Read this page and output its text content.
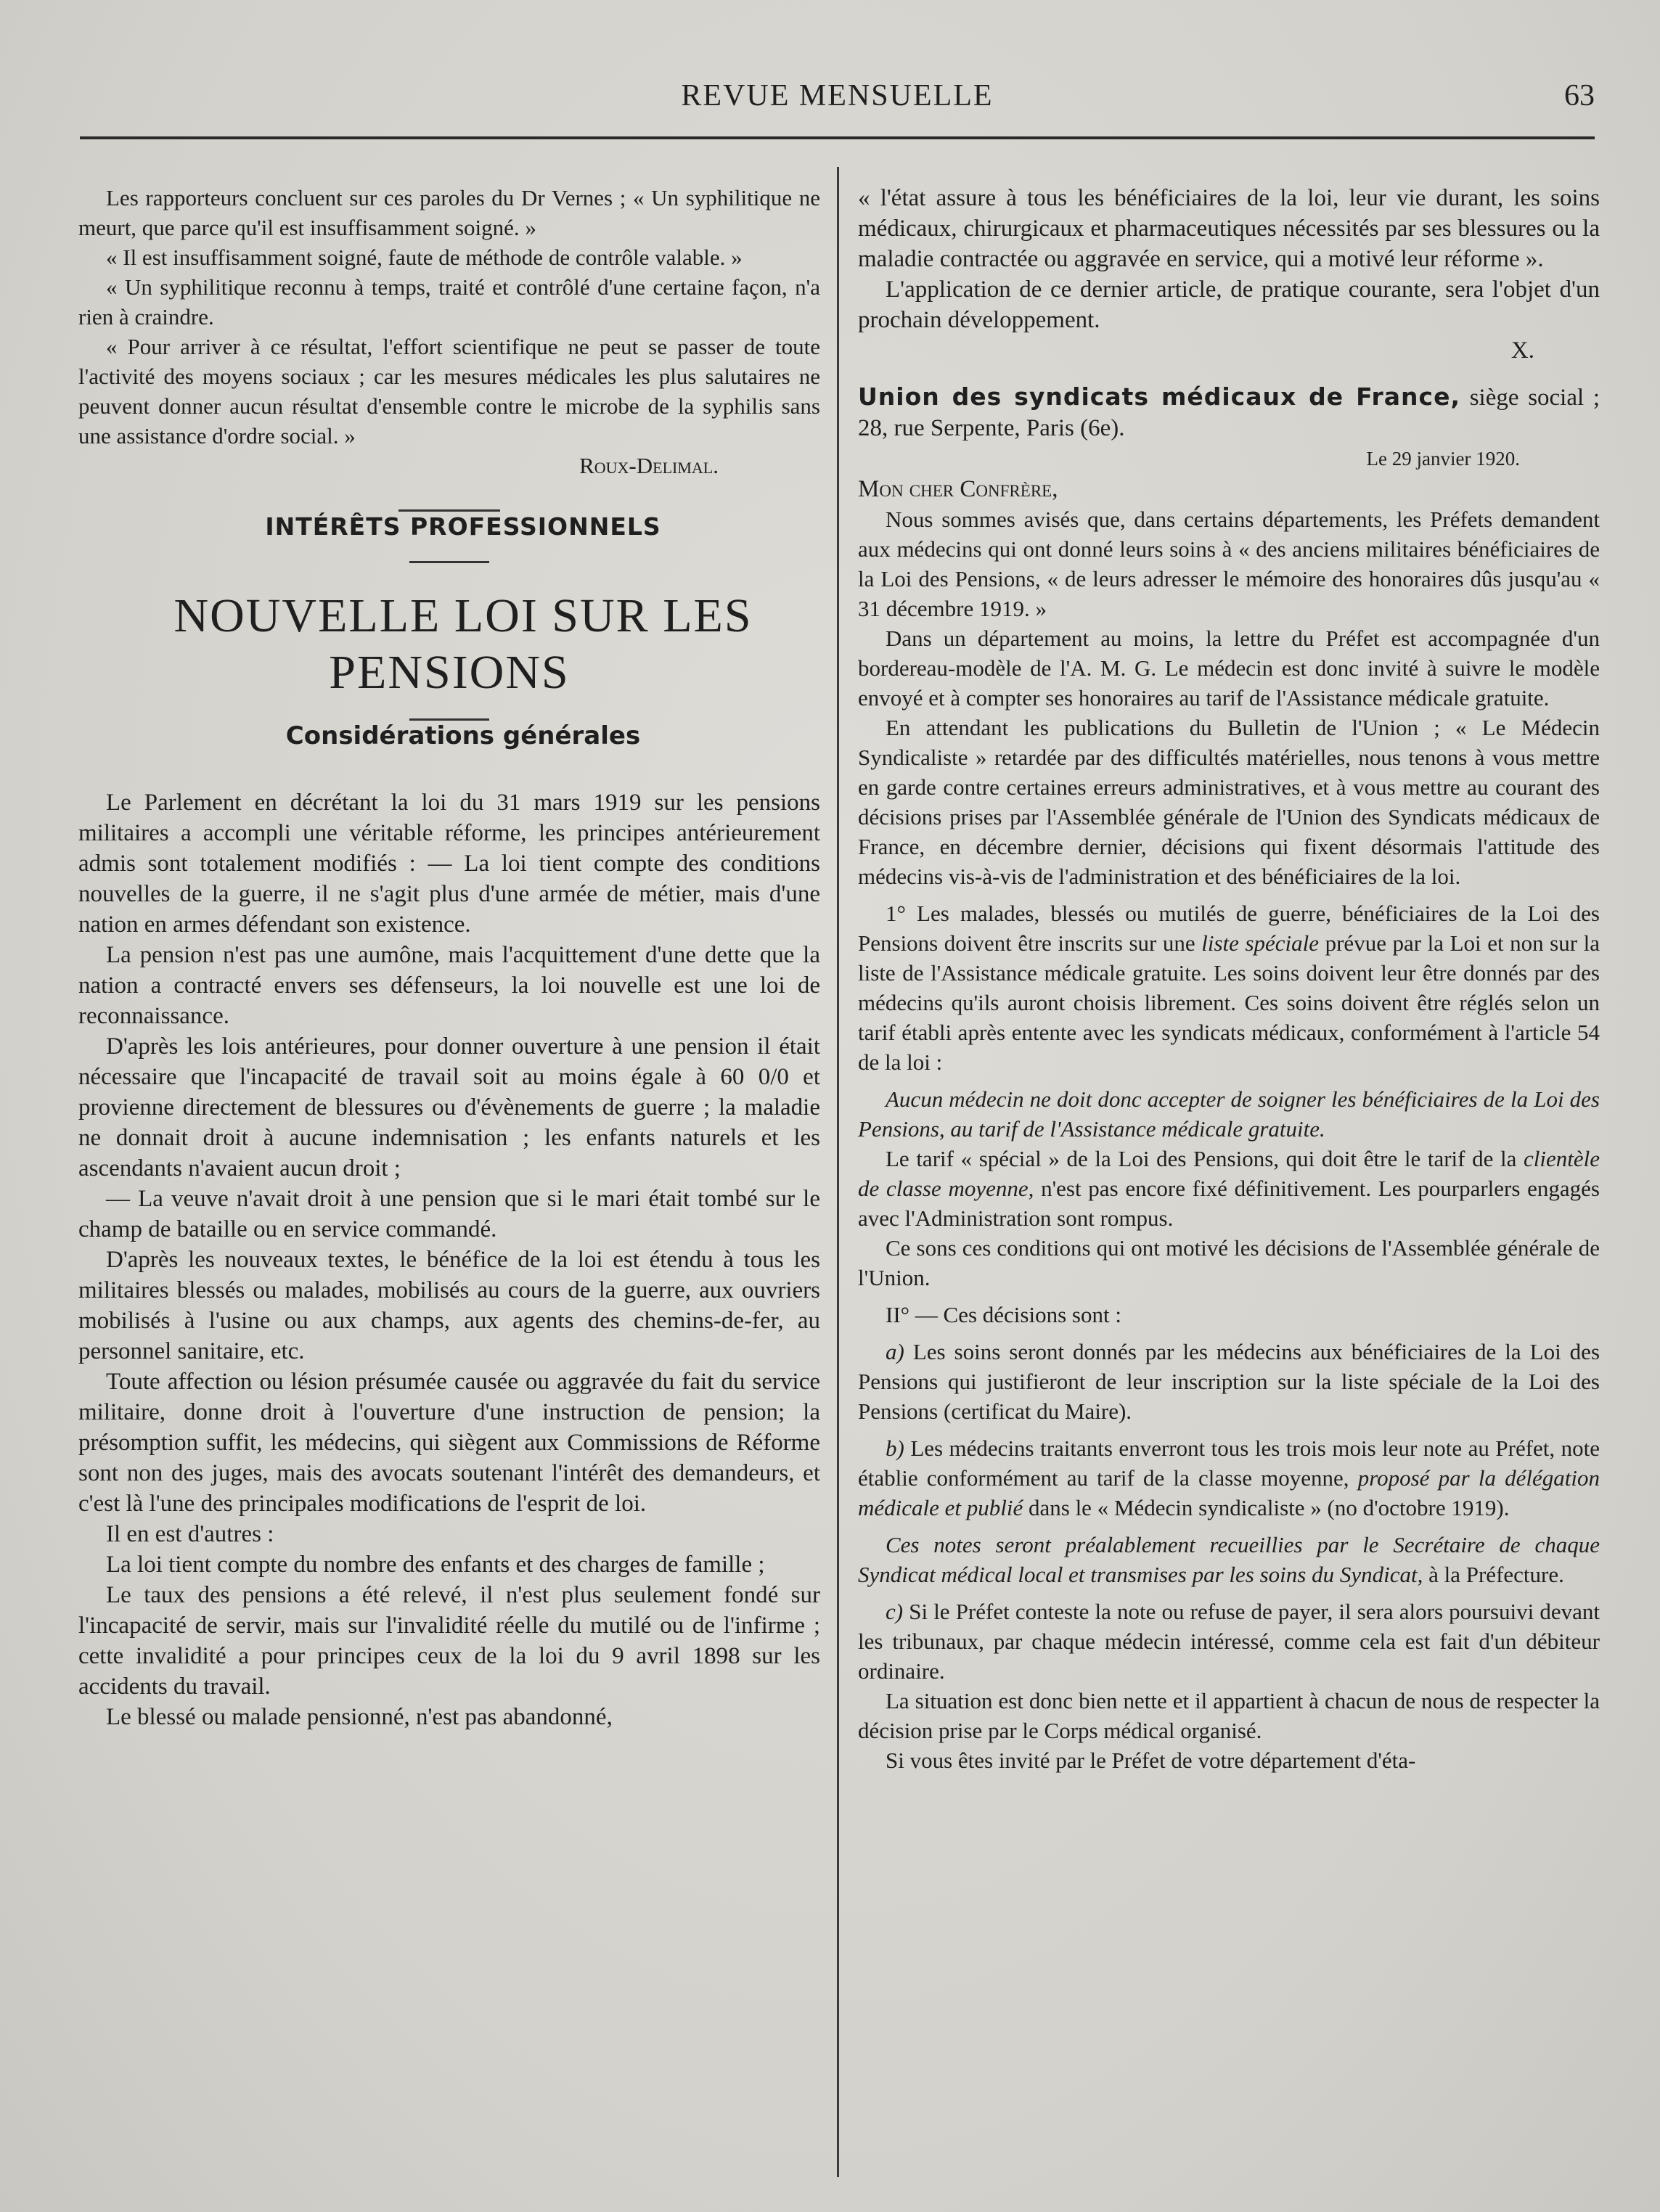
REVUE MENSUELLE	63

Les rapporteurs concluent sur ces paroles du Dr Vernes ; « Un syphilitique ne meurt, que parce qu'il est insuffisamment soigné. »

« Il est insuffisamment soigné, faute de méthode de contrôle valable. »

« Un syphilitique reconnu à temps, traité et contrôlé d'une certaine façon, n'a rien à craindre.

« Pour arriver à ce résultat, l'effort scientifique ne peut se passer de toute l'activité des moyens sociaux ; car les mesures médicales les plus salutaires ne peuvent donner aucun résultat d'ensemble contre le microbe de la syphilis sans une assistance d'ordre social. »

Roux-Delimal.

INTÉRÊTS PROFESSIONNELS

NOUVELLE LOI SUR LES PENSIONS

Considérations générales

Le Parlement en décrétant la loi du 31 mars 1919 sur les pensions militaires a accompli une véritable réforme, les principes antérieurement admis sont totalement modifiés : — La loi tient compte des conditions nouvelles de la guerre, il ne s'agit plus d'une armée de métier, mais d'une nation en armes défendant son existence.

La pension n'est pas une aumône, mais l'acquittement d'une dette que la nation a contracté envers ses défenseurs, la loi nouvelle est une loi de reconnaissance.

D'après les lois antérieures, pour donner ouverture à une pension il était nécessaire que l'incapacité de travail soit au moins égale à 60 0/0 et provienne directement de blessures ou d'évènements de guerre ; la maladie ne donnait droit à aucune indemnisation ; les enfants naturels et les ascendants n'avaient aucun droit ;

— La veuve n'avait droit à une pension que si le mari était tombé sur le champ de bataille ou en service commandé.

D'après les nouveaux textes, le bénéfice de la loi est étendu à tous les militaires blessés ou malades, mobilisés au cours de la guerre, aux ouvriers mobilisés à l'usine ou aux champs, aux agents des chemins-de-fer, au personnel sanitaire, etc.

Toute affection ou lésion présumée causée ou aggravée du fait du service militaire, donne droit à l'ouverture d'une instruction de pension; la présomption suffit, les médecins, qui siègent aux Commissions de Réforme sont non des juges, mais des avocats soutenant l'intérêt des demandeurs, et c'est là l'une des principales modifications de l'esprit de loi.

Il en est d'autres :

La loi tient compte du nombre des enfants et des charges de famille ;

Le taux des pensions a été relevé, il n'est plus seulement fondé sur l'incapacité de servir, mais sur l'invalidité réelle du mutilé ou de l'infirme ; cette invalidité a pour principes ceux de la loi du 9 avril 1898 sur les accidents du travail.

Le blessé ou malade pensionné, n'est pas abandonné,

« l'état assure à tous les bénéficiaires de la loi, leur vie durant, les soins médicaux, chirurgicaux et pharmaceutiques nécessités par ses blessures ou la maladie contractée ou aggravée en service, qui a motivé leur réforme ».

L'application de ce dernier article, de pratique courante, sera l'objet d'un prochain développement.

X.

Union des syndicats médicaux de France, siège social ; 28, rue Serpente, Paris (6e).

Le 29 janvier 1920.

Mon cher Confrère,

Nous sommes avisés que, dans certains départements, les Préfets demandent aux médecins qui ont donné leurs soins à « des anciens militaires bénéficiaires de la Loi des Pensions, « de leurs adresser le mémoire des honoraires dûs jusqu'au « 31 décembre 1919. »

Dans un département au moins, la lettre du Préfet est accompagnée d'un bordereau-modèle de l'A. M. G. Le médecin est donc invité à suivre le modèle envoyé et à compter ses honoraires au tarif de l'Assistance médicale gratuite.

En attendant les publications du Bulletin de l'Union ; « Le Médecin Syndicaliste » retardée par des difficultés matérielles, nous tenons à vous mettre en garde contre certaines erreurs administratives, et à vous mettre au courant des décisions prises par l'Assemblée générale de l'Union des Syndicats médicaux de France, en décembre dernier, décisions qui fixent désormais l'attitude des médecins vis-à-vis de l'administration et des bénéficiaires de la loi.

1° Les malades, blessés ou mutilés de guerre, bénéficiaires de la Loi des Pensions doivent être inscrits sur une liste spéciale prévue par la Loi et non sur la liste de l'Assistance médicale gratuite. Les soins doivent leur être donnés par des médecins qu'ils auront choisis librement. Ces soins doivent être réglés selon un tarif établi après entente avec les syndicats médicaux, conformément à l'article 54 de la loi :

Aucun médecin ne doit donc accepter de soigner les bénéficiaires de la Loi des Pensions, au tarif de l'Assistance médicale gratuite.

Le tarif « spécial » de la Loi des Pensions, qui doit être le tarif de la clientèle de classe moyenne, n'est pas encore fixé définitivement. Les pourparlers engagés avec l'Administration sont rompus.

Ce sons ces conditions qui ont motivé les décisions de l'Assemblée générale de l'Union.

II° — Ces décisions sont :

a) Les soins seront donnés par les médecins aux bénéficiaires de la Loi des Pensions qui justifieront de leur inscription sur la liste spéciale de la Loi des Pensions (certificat du Maire).

b) Les médecins traitants enverront tous les trois mois leur note au Préfet, note établie conformément au tarif de la classe moyenne, proposé par la délégation médicale et publié dans le « Médecin syndicaliste » (no d'octobre 1919).

Ces notes seront préalablement recueillies par le Secrétaire de chaque Syndicat médical local et transmises par les soins du Syndicat, à la Préfecture.

c) Si le Préfet conteste la note ou refuse de payer, il sera alors poursuivi devant les tribunaux, par chaque médecin intéressé, comme cela est fait d'un débiteur ordinaire.

La situation est donc bien nette et il appartient à chacun de nous de respecter la décision prise par le Corps médical organisé.

Si vous êtes invité par le Préfet de votre département d'éta-
